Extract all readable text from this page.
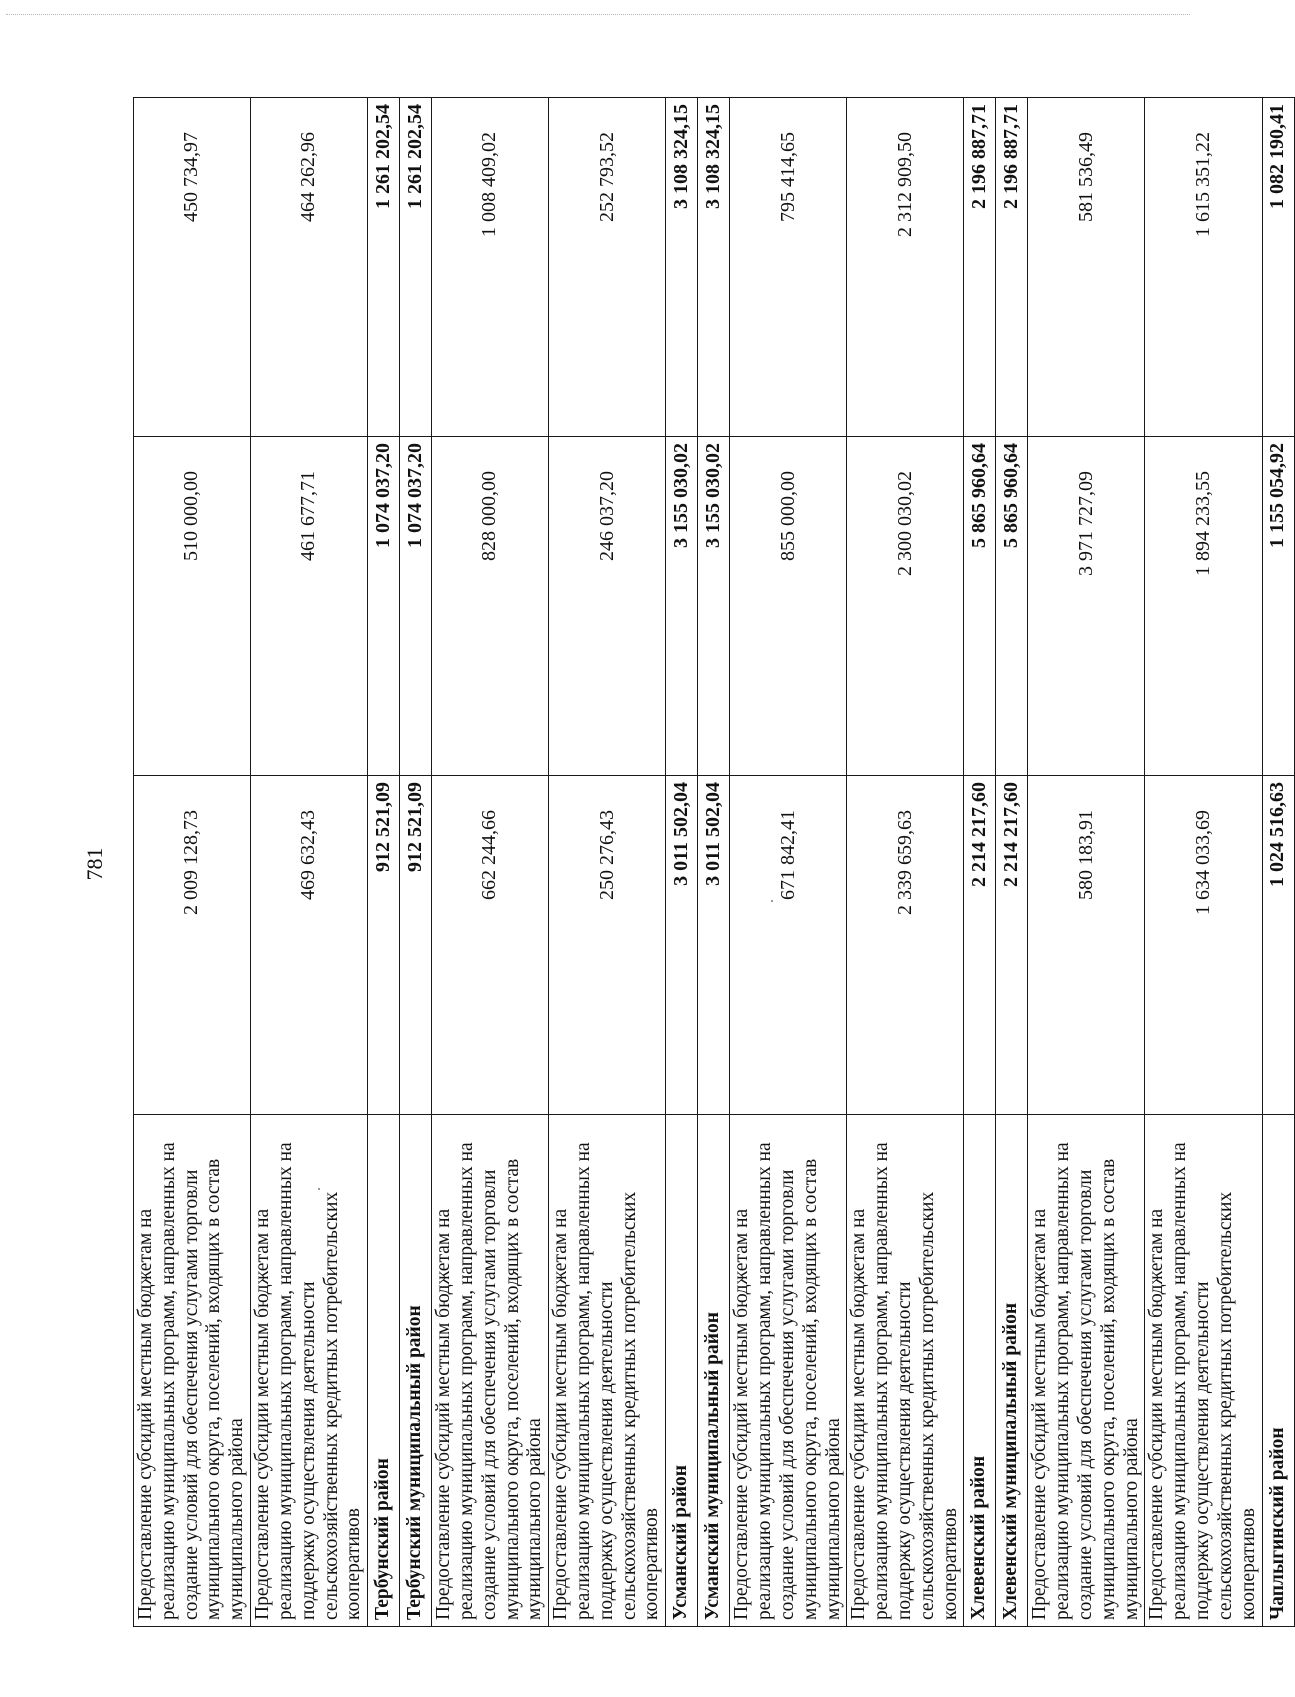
781
Предоставление субсидий местным бюджетам на реализацию муниципальных программ, направленных на создание условий для обеспечения услугами торговли муниципального округа, поселений, входящих в состав муниципального района	2 009 128,73	510 000,00	450 734,97
Предоставление субсидии местным бюджетам на реализацию муниципальных программ, направленных на поддержку осуществления деятельности сельскохозяйственных кредитных потребительских кооперативов	469 632,43	461 677,71	464 262,96
Тербунский район	912 521,09	1 074 037,20	1 261 202,54
Тербунский муниципальный район	912 521,09	1 074 037,20	1 261 202,54
Предоставление субсидий местным бюджетам на реализацию муниципальных программ, направленных на создание условий для обеспечения услугами торговли муниципального округа, поселений, входящих в состав муниципального района	662 244,66	828 000,00	1 008 409,02
Предоставление субсидии местным бюджетам на реализацию муниципальных программ, направленных на поддержку осуществления деятельности сельскохозяйственных кредитных потребительских кооперативов	250 276,43	246 037,20	252 793,52
Усманский район	3 011 502,04	3 155 030,02	3 108 324,15
Усманский муниципальный район	3 011 502,04	3 155 030,02	3 108 324,15
Предоставление субсидий местным бюджетам на реализацию муниципальных программ, направленных на создание условий для обеспечения услугами торговли муниципального округа, поселений, входящих в состав муниципального района	671 842,41	855 000,00	795 414,65
Предоставление субсидии местным бюджетам на реализацию муниципальных программ, направленных на поддержку осуществления деятельности сельскохозяйственных кредитных потребительских кооперативов	2 339 659,63	2 300 030,02	2 312 909,50
Хлевенский район	2 214 217,60	5 865 960,64	2 196 887,71
Хлевенский муниципальный район	2 214 217,60	5 865 960,64	2 196 887,71
Предоставление субсидий местным бюджетам на реализацию муниципальных программ, направленных на создание условий для обеспечения услугами торговли муниципального округа, поселений, входящих в состав муниципального района	580 183,91	3 971 727,09	581 536,49
Предоставление субсидии местным бюджетам на реализацию муниципальных программ, направленных на поддержку осуществления деятельности сельскохозяйственных кредитных потребительских кооперативов	1 634 033,69	1 894 233,55	1 615 351,22
Чаплыгинский район	1 024 516,63	1 155 054,92	1 082 190,41
